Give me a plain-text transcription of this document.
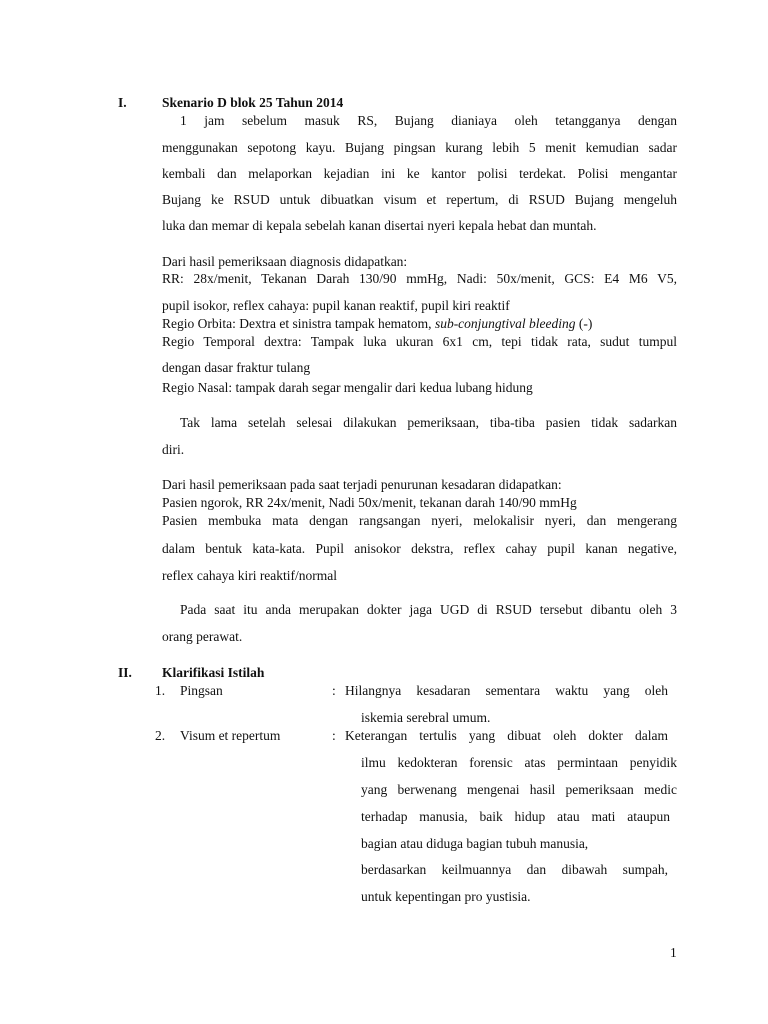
I.	Skenario D blok 25 Tahun 2014
1 jam sebelum masuk RS, Bujang dianiaya oleh tetangganya dengan
menggunakan sepotong kayu. Bujang pingsan kurang lebih 5 menit kemudian sadar
kembali dan melaporkan kejadian ini ke kantor polisi terdekat. Polisi mengantar
Bujang ke RSUD untuk dibuatkan visum et repertum, di RSUD Bujang mengeluh
luka dan memar di kepala sebelah kanan disertai nyeri kepala hebat dan muntah.
Dari hasil pemeriksaan diagnosis didapatkan:
RR: 28x/menit, Tekanan Darah 130/90 mmHg, Nadi: 50x/menit, GCS: E4 M6 V5,
pupil isokor, reflex cahaya: pupil kanan reaktif, pupil kiri reaktif
Regio Orbita: Dextra et sinistra tampak hematom, sub-conjungtival bleeding (-)
Regio Temporal dextra: Tampak luka ukuran 6x1 cm, tepi tidak rata, sudut tumpul
dengan dasar fraktur tulang
Regio Nasal: tampak darah segar mengalir dari kedua lubang hidung
Tak lama setelah selesai dilakukan pemeriksaan, tiba-tiba pasien tidak sadarkan
diri.
Dari hasil pemeriksaan pada saat terjadi penurunan kesadaran didapatkan:
Pasien ngorok, RR 24x/menit, Nadi 50x/menit, tekanan darah 140/90 mmHg
Pasien membuka mata dengan rangsangan nyeri, melokalisir nyeri, dan mengerang
dalam bentuk kata-kata. Pupil anisokor dekstra, reflex cahay pupil kanan negative,
reflex cahaya kiri reaktif/normal
Pada saat itu anda merupakan dokter jaga UGD di RSUD tersebut dibantu oleh 3
orang perawat.
II. Klarifikasi Istilah
1. Pingsan	: Hilangnya kesadaran sementara waktu yang oleh
iskemia serebral umum.
2. Visum et repertum	: Keterangan tertulis yang dibuat oleh dokter dalam
ilmu kedokteran forensic atas permintaan penyidik
yang berwenang mengenai hasil pemeriksaan medic
terhadap manusia, baik hidup atau mati ataupun
bagian atau diduga bagian tubuh manusia,
berdasarkan keilmuannya dan dibawah sumpah,
untuk kepentingan pro yustisia.
1
